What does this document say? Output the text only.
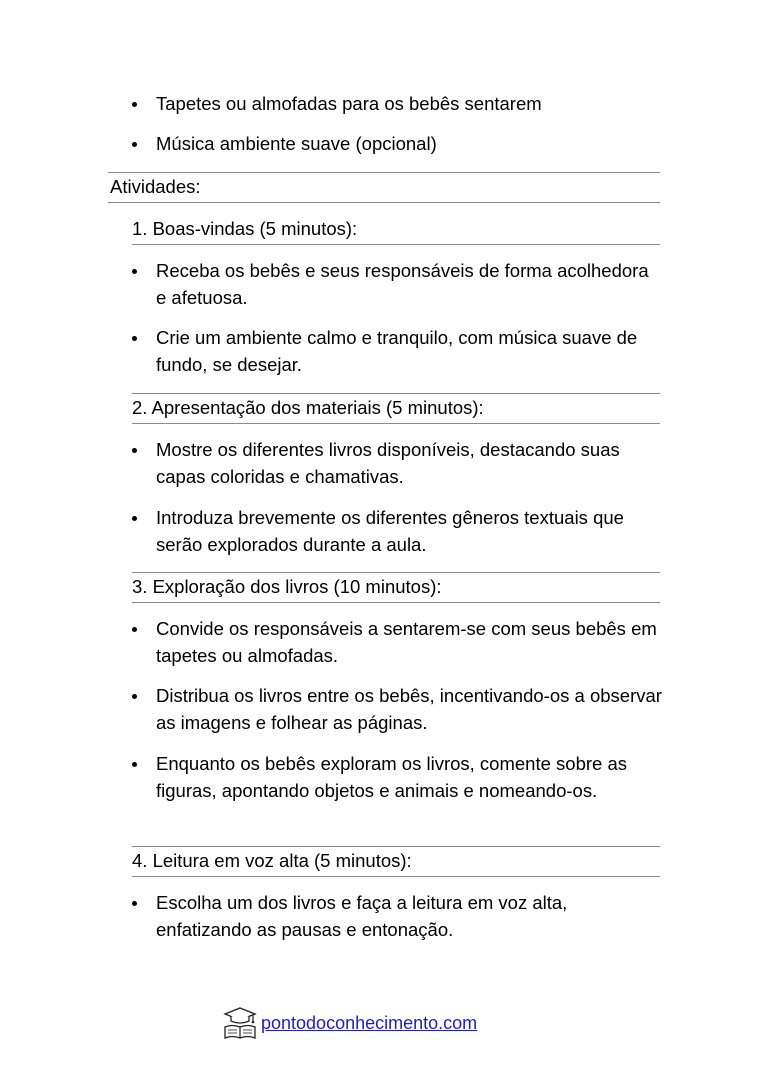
Tapetes ou almofadas para os bebês sentarem
Música ambiente suave (opcional)
Atividades:
1. Boas-vindas (5 minutos):
Receba os bebês e seus responsáveis de forma acolhedora e afetuosa.
Crie um ambiente calmo e tranquilo, com música suave de fundo, se desejar.
2. Apresentação dos materiais (5 minutos):
Mostre os diferentes livros disponíveis, destacando suas capas coloridas e chamativas.
Introduza brevemente os diferentes gêneros textuais que serão explorados durante a aula.
3. Exploração dos livros (10 minutos):
Convide os responsáveis a sentarem-se com seus bebês em tapetes ou almofadas.
Distribua os livros entre os bebês, incentivando-os a observar as imagens e folhear as páginas.
Enquanto os bebês exploram os livros, comente sobre as figuras, apontando objetos e animais e nomeando-os.
4. Leitura em voz alta (5 minutos):
Escolha um dos livros e faça a leitura em voz alta, enfatizando as pausas e entonação.
pontodoconhecimento.com
